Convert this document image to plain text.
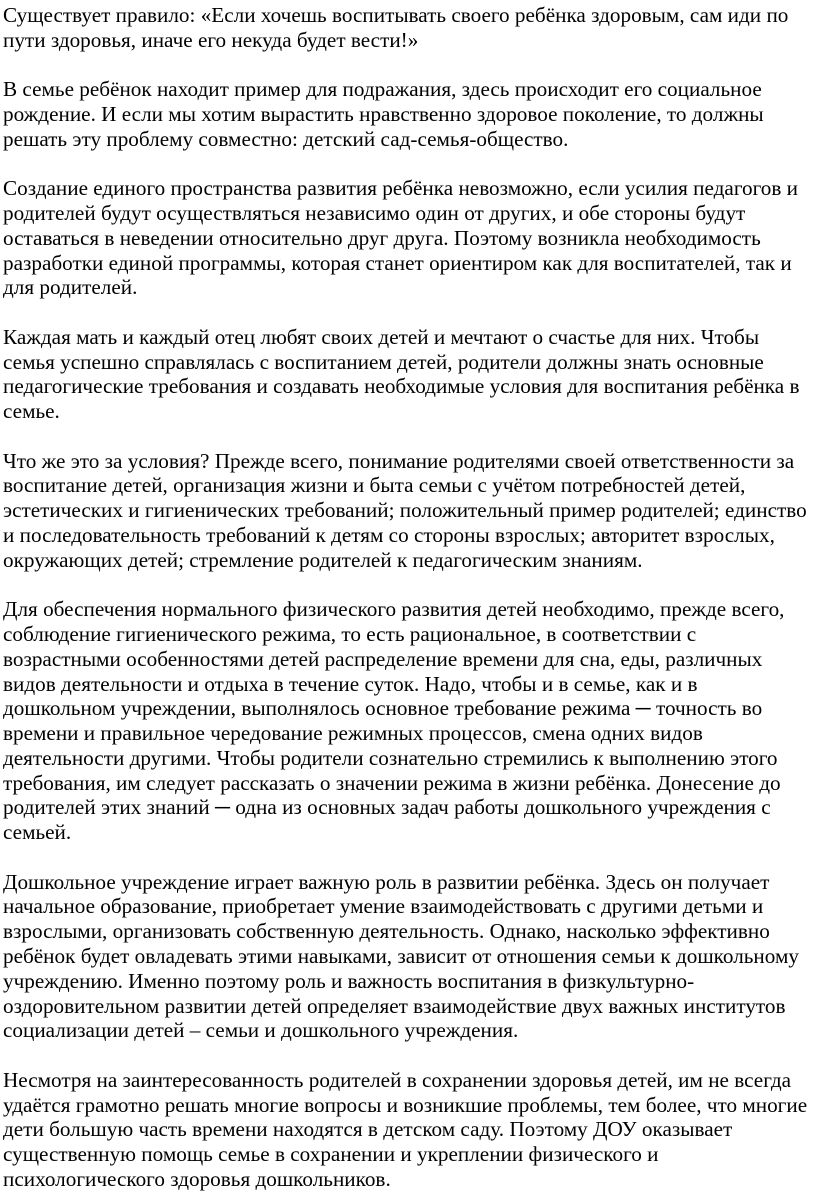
Существует правило: «Если хочешь воспитывать своего ребёнка здоровым, сам иди по пути здоровья, иначе его некуда будет вести!»

В семье ребёнок находит пример для подражания, здесь происходит его социальное рождение. И если мы хотим вырастить нравственно здоровое поколение, то должны решать эту проблему совместно: детский сад-семья-общество.

Создание единого пространства развития ребёнка невозможно, если усилия педагогов и родителей будут осуществляться независимо один от других, и обе стороны будут оставаться в неведении относительно друг друга. Поэтому возникла необходимость разработки единой программы, которая станет ориентиром как для воспитателей, так и для родителей.

Каждая мать и каждый отец любят своих детей и мечтают о счастье для них. Чтобы семья успешно справлялась с воспитанием детей, родители должны знать основные педагогические требования и создавать необходимые условия для воспитания ребёнка в семье.

Что же это за условия? Прежде всего, понимание родителями своей ответственности за воспитание детей, организация жизни и быта семьи с учётом потребностей детей, эстетических и гигиенических требований; положительный пример родителей; единство и последовательность требований к детям со стороны взрослых; авторитет взрослых, окружающих детей; стремление родителей к педагогическим знаниям.

Для обеспечения нормального физического развития детей необходимо, прежде всего, соблюдение гигиенического режима, то есть рациональное, в соответствии с возрастными особенностями детей распределение времени для сна, еды, различных видов деятельности и отдыха в течение суток. Надо, чтобы и в семье, как и в дошкольном учреждении, выполнялось основное требование режима ─ точность во времени и правильное чередование режимных процессов, смена одних видов деятельности другими. Чтобы родители сознательно стремились к выполнению этого требования, им следует рассказать о значении режима в жизни ребёнка. Донесение до родителей этих знаний ─ одна из основных задач работы дошкольного учреждения с семьей.

Дошкольное учреждение играет важную роль в развитии ребёнка. Здесь он получает начальное образование, приобретает умение взаимодействовать с другими детьми и взрослыми, организовать собственную деятельность. Однако, насколько эффективно ребёнок будет овладевать этими навыками, зависит от отношения семьи к дошкольному учреждению. Именно поэтому роль и важность воспитания в физкультурно-оздоровительном развитии детей определяет взаимодействие двух важных институтов социализации детей – семьи и дошкольного учреждения.

Несмотря на заинтересованность родителей в сохранении здоровья детей, им не всегда удаётся грамотно решать многие вопросы и возникшие проблемы, тем более, что многие дети большую часть времени находятся в детском саду. Поэтому ДОУ оказывает существенную помощь семье в сохранении и укреплении физического и психологического здоровья дошкольников.
